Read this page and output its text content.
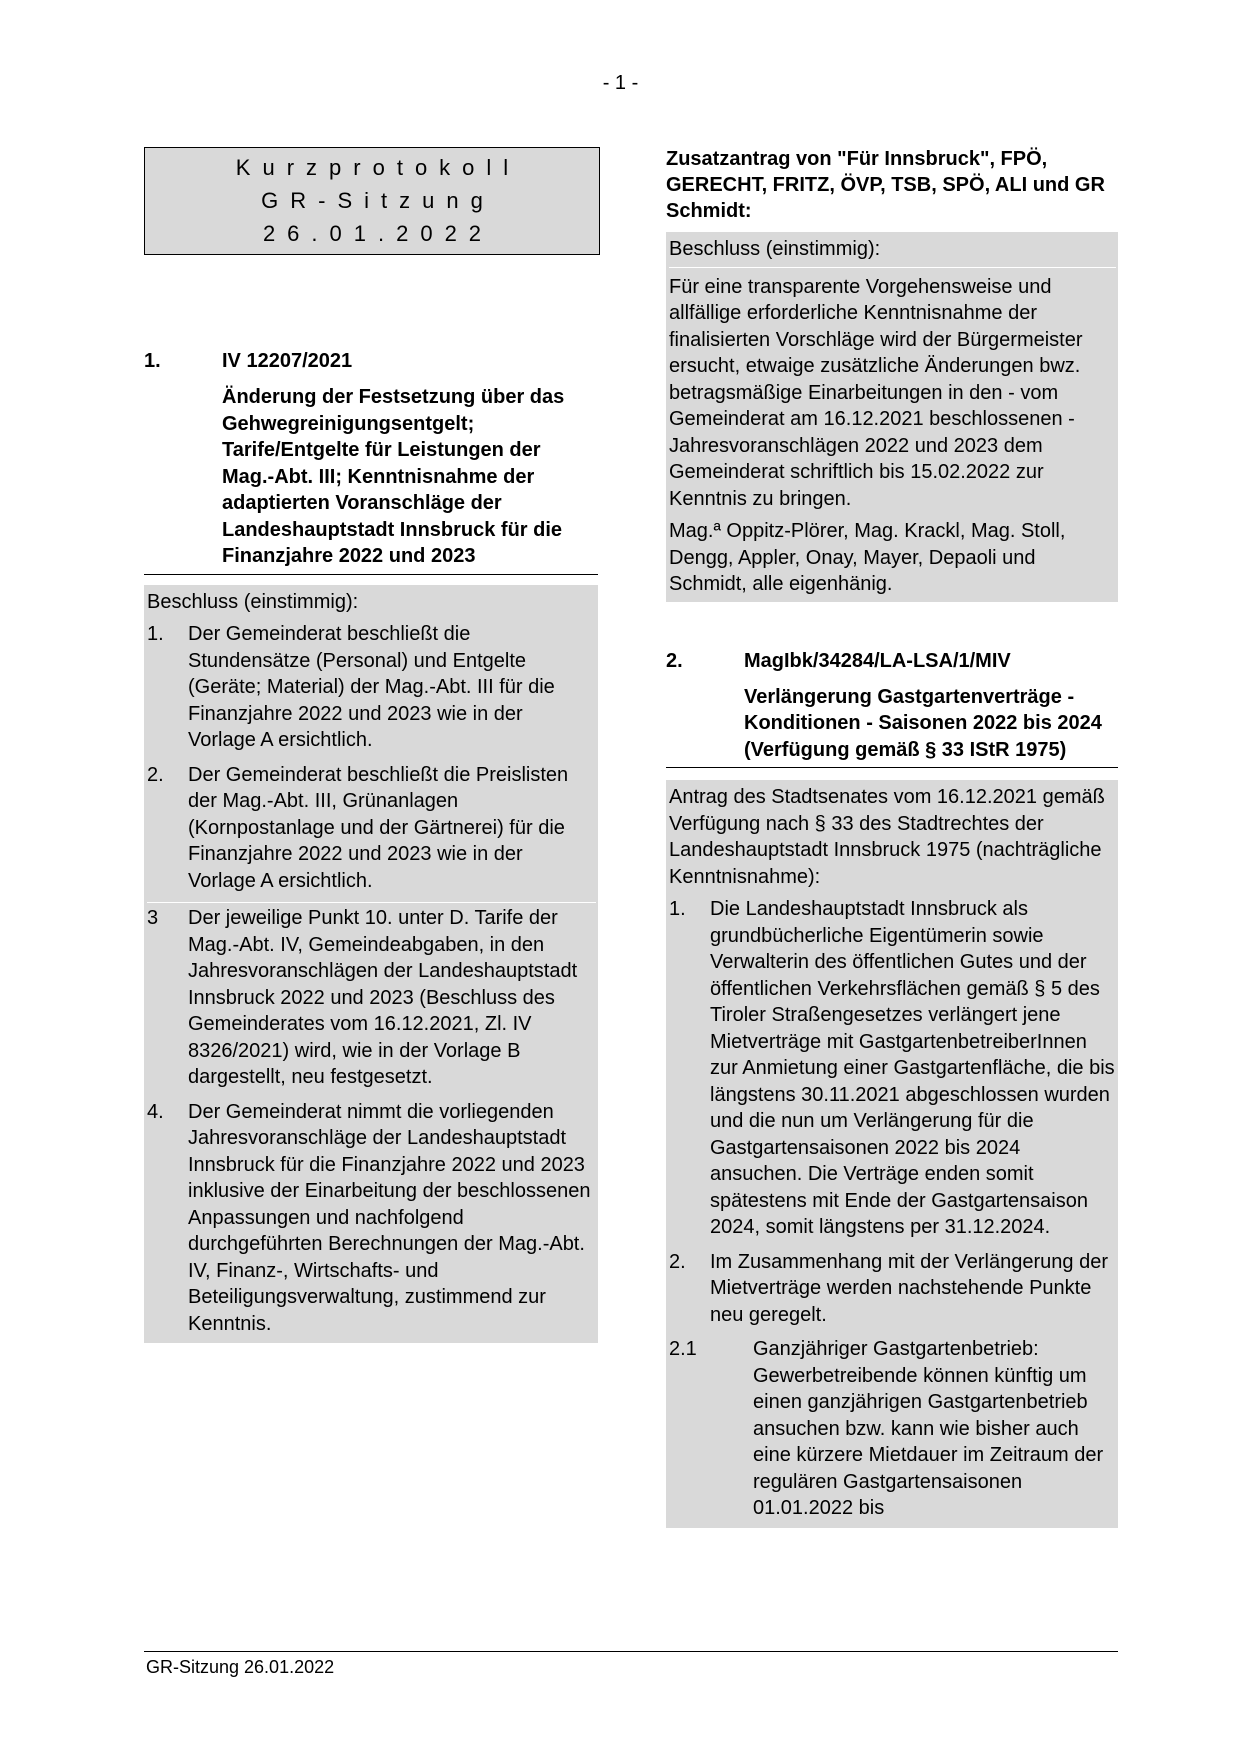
- 1 -
Kurzprotokoll
GR-Sitzung
26.01.2022
1.	IV 12207/2021
Änderung der Festsetzung über das Gehwegreinigungsentgelt; Tarife/Entgelte für Leistungen der Mag.-Abt. III; Kenntnisnahme der adaptierten Voranschläge der Landeshauptstadt Innsbruck für die Finanzjahre 2022 und 2023

Beschluss (einstimmig):

1.	Der Gemeinderat beschließt die Stundensätze (Personal) und Entgelte (Geräte; Material) der Mag.-Abt. III für die Finanzjahre 2022 und 2023 wie in der Vorlage A ersichtlich.
2.	Der Gemeinderat beschließt die Preislisten der Mag.-Abt. III, Grünanlagen (Kornpostanlage und der Gärtnerei) für die Finanzjahre 2022 und 2023 wie in der Vorlage A ersichtlich.
3	Der jeweilige Punkt 10. unter D. Tarife der Mag.-Abt. IV, Gemeindeabgaben, in den Jahresvoranschlägen der Landeshauptstadt Innsbruck 2022 und 2023 (Beschluss des Gemeinderates vom 16.12.2021, Zl. IV 8326/2021) wird, wie in der Vorlage B dargestellt, neu festgesetzt.
4.	Der Gemeinderat nimmt die vorliegenden Jahresvoranschläge der Landeshauptstadt Innsbruck für die Finanzjahre 2022 und 2023 inklusive der Einarbeitung der beschlossenen Anpassungen und nachfolgend durchgeführten Berechnungen der Mag.-Abt. IV, Finanz-, Wirtschafts- und Beteiligungsverwaltung, zustimmend zur Kenntnis.

Zusatzantrag von "Für Innsbruck", FPÖ, GERECHT, FRITZ, ÖVP, TSB, SPÖ, ALI und GR Schmidt:

Beschluss (einstimmig):

Für eine transparente Vorgehensweise und allfällige erforderliche Kenntnisnahme der finalisierten Vorschläge wird der Bürgermeister ersucht, etwaige zusätzliche Änderungen bwz. betragsmäßige Einarbeitungen in den - vom Gemeinderat am 16.12.2021 beschlossenen - Jahresvoranschlägen 2022 und 2023 dem Gemeinderat schriftlich bis 15.02.2022 zur Kenntnis zu bringen.

Mag.ª Oppitz-Plörer, Mag. Krackl, Mag. Stoll, Dengg, Appler, Onay, Mayer, Depaoli und Schmidt, alle eigenhänig.

2.	MagIbk/34284/LA-LSA/1/MIV
Verlängerung Gastgartenverträge - Konditionen - Saisonen 2022 bis 2024 (Verfügung gemäß § 33 IStR 1975)

Antrag des Stadtsenates vom 16.12.2021 gemäß Verfügung nach § 33 des Stadtrechtes der Landeshauptstadt Innsbruck 1975 (nachträgliche Kenntnisnahme):

1.	Die Landeshauptstadt Innsbruck als grundbücherliche Eigentümerin sowie Verwalterin des öffentlichen Gutes und der öffentlichen Verkehrsflächen gemäß § 5 des Tiroler Straßengesetzes verlängert jene Mietverträge mit GastgartenbetreiberInnen zur Anmietung einer Gastgartenfläche, die bis längstens 30.11.2021 abgeschlossen wurden und die nun um Verlängerung für die Gastgartensaisonen 2022 bis 2024 ansuchen. Die Verträge enden somit spätestens mit Ende der Gastgartensaison 2024, somit längstens per 31.12.2024.
2.	Im Zusammenhang mit der Verlängerung der Mietverträge werden nachstehende Punkte neu geregelt.
2.1	Ganzjähriger Gastgartenbetrieb: Gewerbetreibende können künftig um einen ganzjährigen Gastgartenbetrieb ansuchen bzw. kann wie bisher auch eine kürzere Mietdauer im Zeitraum der regulären Gastgartensaisonen 01.01.2022 bis
GR-Sitzung 26.01.2022
